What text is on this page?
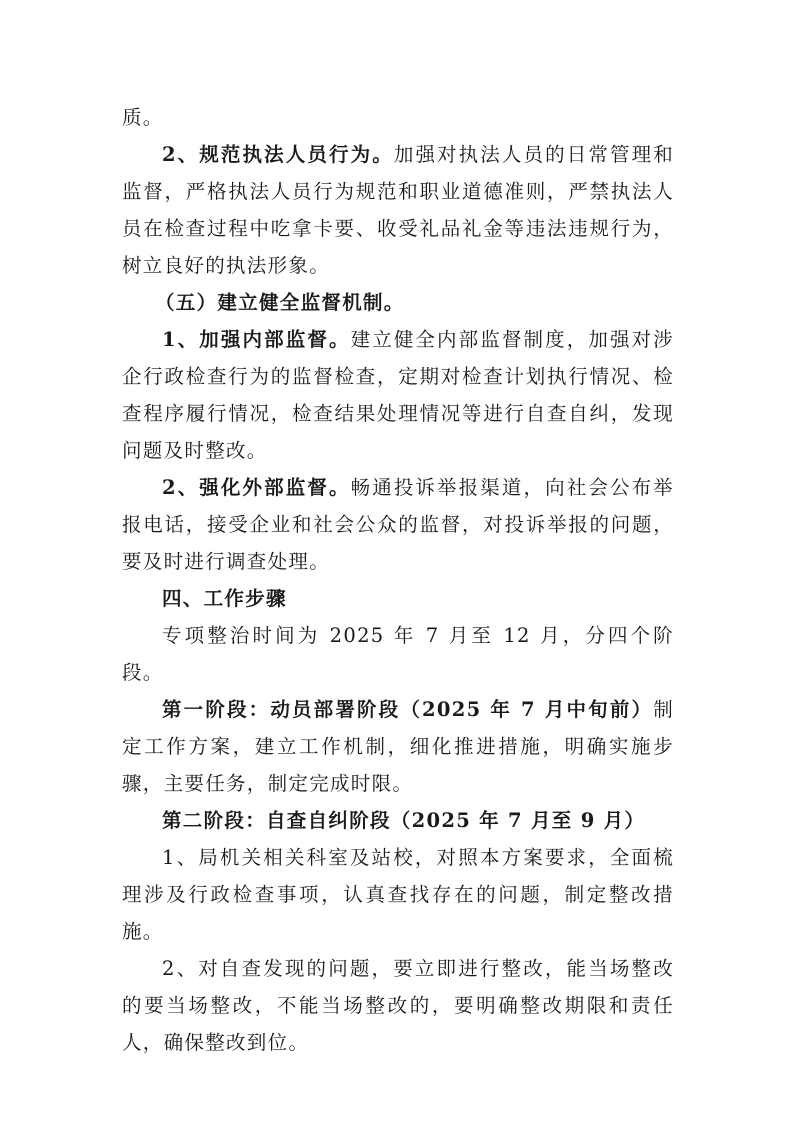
质。

2、规范执法人员行为。加强对执法人员的日常管理和监督，严格执法人员行为规范和职业道德准则，严禁执法人员在检查过程中吃拿卡要、收受礼品礼金等违法违规行为，树立良好的执法形象。

（五）建立健全监督机制。

1、加强内部监督。建立健全内部监督制度，加强对涉企行政检查行为的监督检查，定期对检查计划执行情况、检查程序履行情况，检查结果处理情况等进行自查自纠，发现问题及时整改。

2、强化外部监督。畅通投诉举报渠道，向社会公布举报电话，接受企业和社会公众的监督，对投诉举报的问题，要及时进行调查处理。

四、工作步骤

专项整治时间为 2025 年 7 月至 12 月，分四个阶段。

第一阶段：动员部署阶段（2025 年 7 月中旬前）制定工作方案，建立工作机制，细化推进措施，明确实施步骤，主要任务，制定完成时限。

第二阶段：自查自纠阶段（2025 年 7 月至 9 月）

1、局机关相关科室及站校，对照本方案要求，全面梳理涉及行政检查事项，认真查找存在的问题，制定整改措施。

2、对自查发现的问题，要立即进行整改，能当场整改的要当场整改，不能当场整改的，要明确整改期限和责任人，确保整改到位。
